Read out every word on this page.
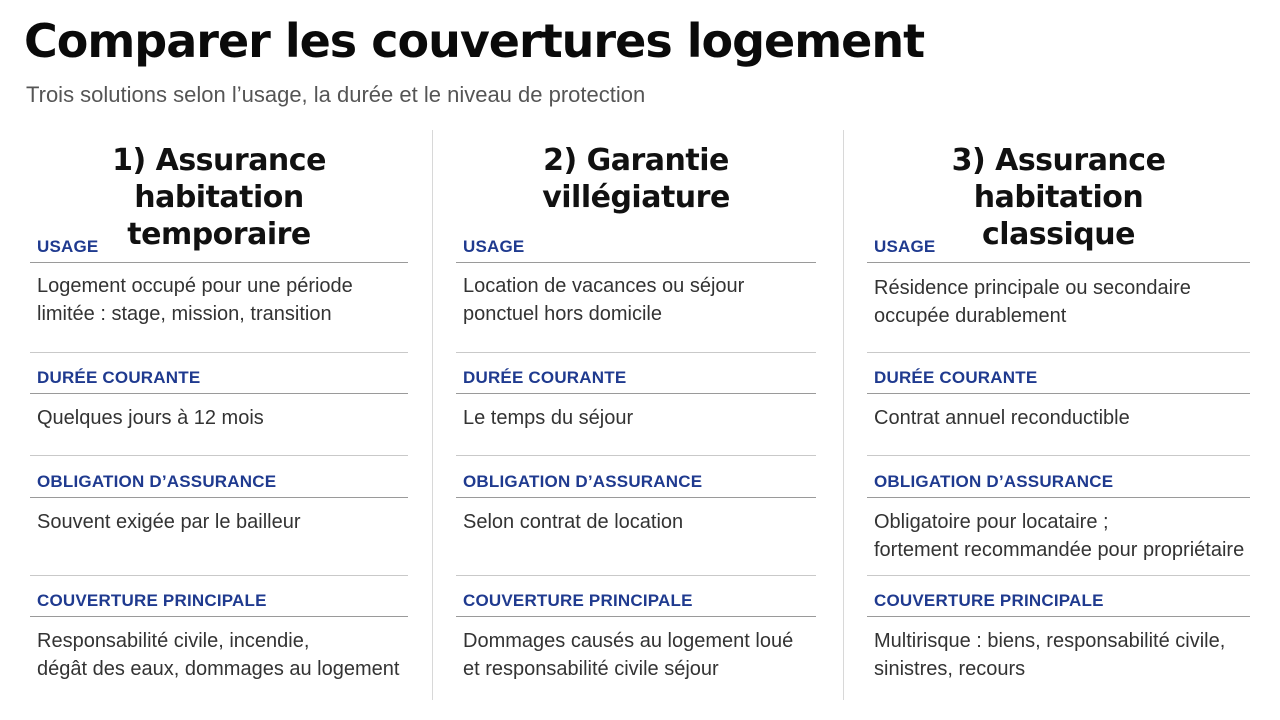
Comparer les couvertures logement

Trois solutions selon l’usage, la durée et le niveau de protection

1) Assurance habitation
temporaire
USAGE
Logement occupé pour une période
limitée : stage, mission, transition
DURÉE COURANTE
Quelques jours à 12 mois
OBLIGATION D’ASSURANCE
Souvent exigée par le bailleur
COUVERTURE PRINCIPALE
Responsabilité civile, incendie,
dégât des eaux, dommages au logement
2) Garantie villégiature
USAGE
Location de vacances ou séjour
ponctuel hors domicile
DURÉE COURANTE
Le temps du séjour
OBLIGATION D’ASSURANCE
Selon contrat de location
COUVERTURE PRINCIPALE
Dommages causés au logement loué
et responsabilité civile séjour
3) Assurance habitation
classique
USAGE
Résidence principale ou secondaire
occupée durablement
DURÉE COURANTE
Contrat annuel reconductible
OBLIGATION D’ASSURANCE
Obligatoire pour locataire ;
fortement recommandée pour propriétaire
COUVERTURE PRINCIPALE
Multirisque : biens, responsabilité civile,
sinistres, recours
